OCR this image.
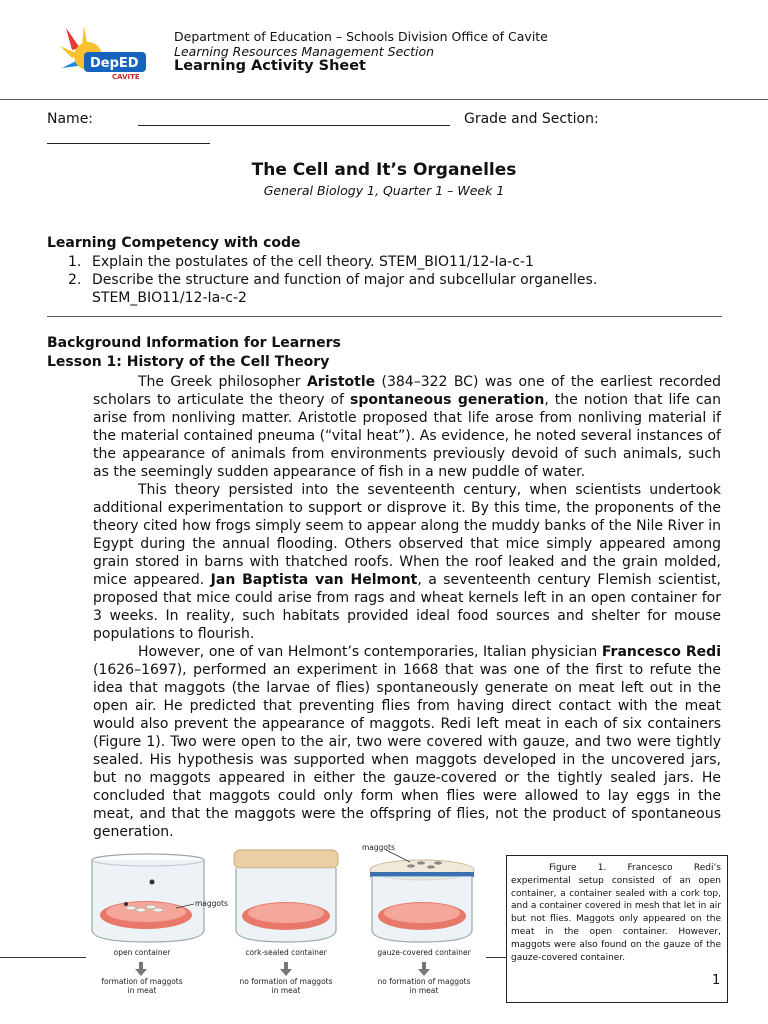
DepED
CAVITE
Department of Education – Schools Division Office of Cavite
Learning Resources Management Section
Learning Activity Sheet
Name:	Grade and Section:
The Cell and It’s Organelles
General Biology 1, Quarter 1 – Week 1
Learning Competency with code
1. Explain the postulates of the cell theory. STEM_BIO11/12-Ia-c-1
2. Describe the structure and function of major and subcellular organelles. STEM_BIO11/12-Ia-c-2
Background Information for Learners
Lesson 1: History of the Cell Theory

The Greek philosopher Aristotle (384–322 BC) was one of the earliest recorded scholars to articulate the theory of spontaneous generation, the notion that life can arise from nonliving matter. Aristotle proposed that life arose from nonliving material if the material contained pneuma (“vital heat”). As evidence, he noted several instances of the appearance of animals from environments previously devoid of such animals, such as the seemingly sudden appearance of fish in a new puddle of water.

This theory persisted into the seventeenth century, when scientists undertook additional experimentation to support or disprove it. By this time, the proponents of the theory cited how frogs simply seem to appear along the muddy banks of the Nile River in Egypt during the annual flooding. Others observed that mice simply appeared among grain stored in barns with thatched roofs. When the roof leaked and the grain molded, mice appeared. Jan Baptista van Helmont, a seventeenth century Flemish scientist, proposed that mice could arise from rags and wheat kernels left in an open container for 3 weeks. In reality, such habitats provided ideal food sources and shelter for mouse populations to flourish.

However, one of van Helmont’s contemporaries, Italian physician Francesco Redi (1626–1697), performed an experiment in 1668 that was one of the first to refute the idea that maggots (the larvae of flies) spontaneously generate on meat left out in the open air. He predicted that preventing flies from having direct contact with the meat would also prevent the appearance of maggots. Redi left meat in each of six containers (Figure 1). Two were open to the air, two were covered with gauze, and two were tightly sealed. His hypothesis was supported when maggots developed in the uncovered jars, but no maggots appeared in either the gauze-covered or the tightly sealed jars. He concluded that maggots could only form when flies were allowed to lay eggs in the meat, and that the maggots were the offspring of flies, not the product of spontaneous generation.

maggots
maggots
open container	cork-sealed container	gauze-covered container
formation of maggots
in meat
no formation of maggots
in meat
no formation of maggots
in meat
Figure 1. Francesco Redi’s experimental setup consisted of an open container, a container sealed with a cork top, and a container covered in mesh that let in air but not flies. Maggots only appeared on the meat in the open container. However, maggots were also found on the gauze of the gauze-covered container.
1
